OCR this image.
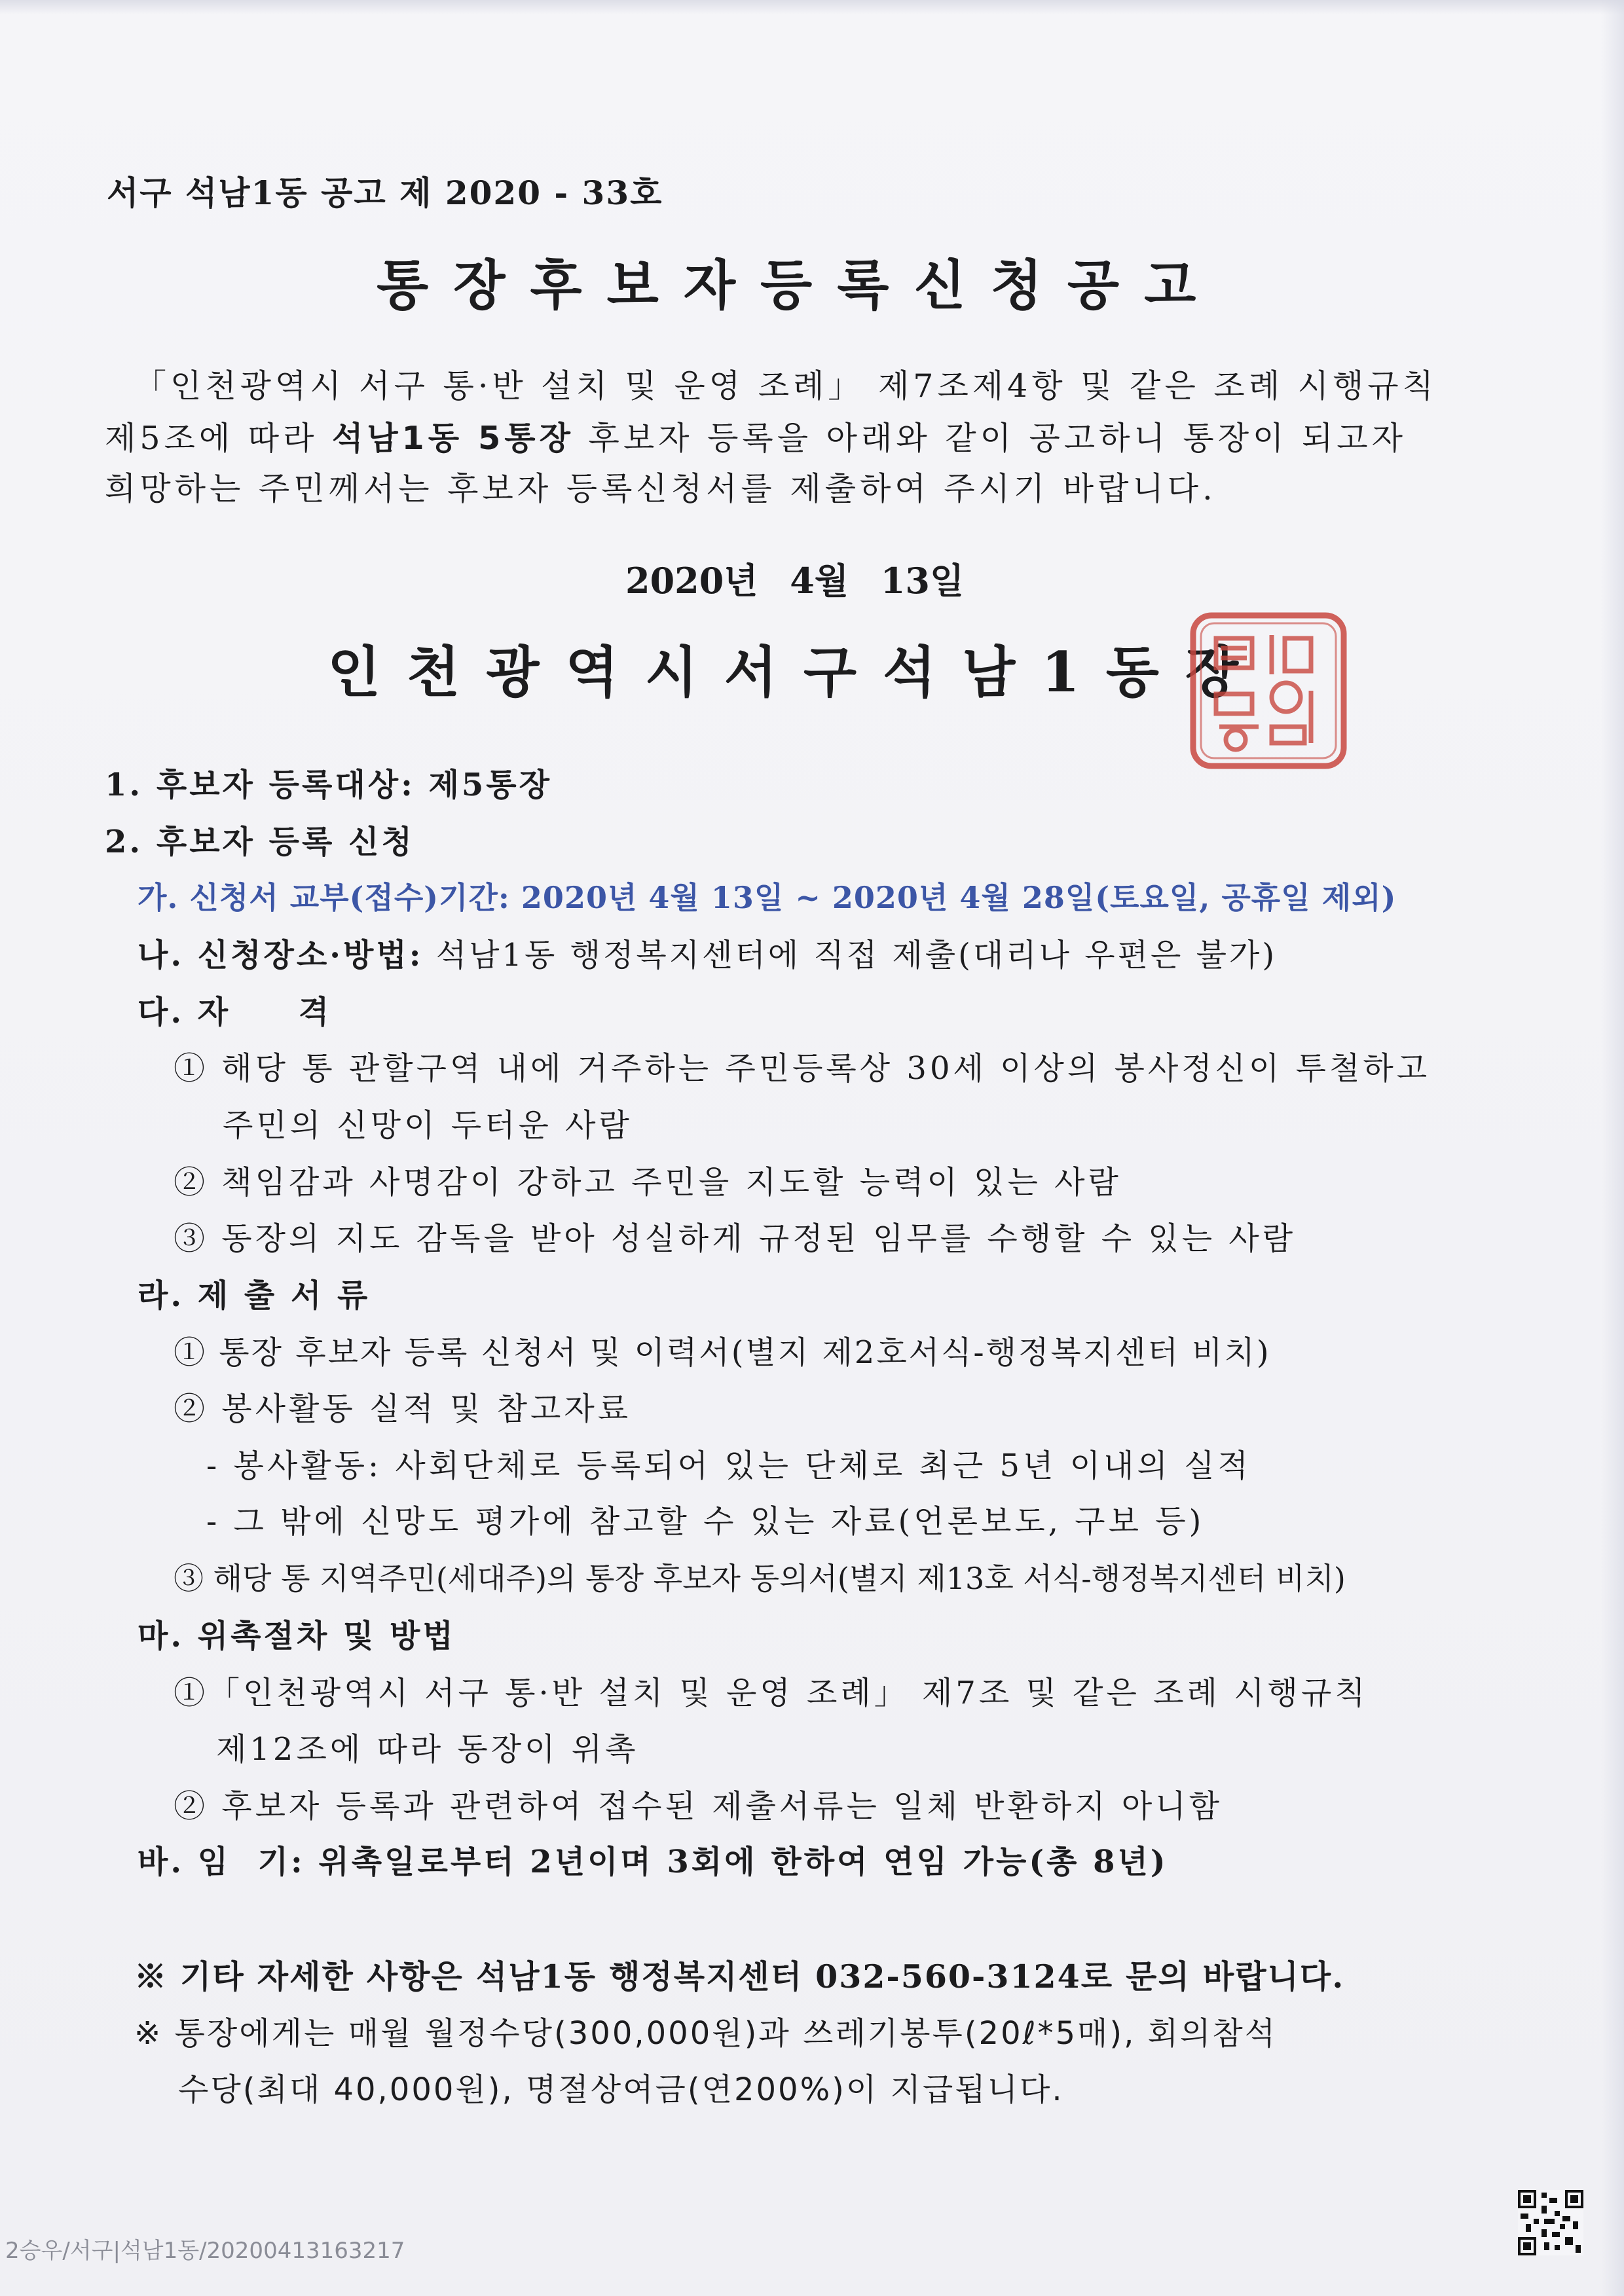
서구 석남1동 공고 제 2020 - 33호
통장후보자등록신청공고
「인천광역시 서구 통·반 설치 및 운영 조례」 제7조제4항 및 같은 조례 시행규칙
제5조에 따라 석남1동 5통장 후보자 등록을 아래와 같이 공고하니 통장이 되고자
희망하는 주민께서는 후보자 등록신청서를 제출하여 주시기 바랍니다.
2020년 4월 13일
인천광역시서구석남1동장
1. 후보자 등록대상: 제5통장
2. 후보자 등록 신청
가. 신청서 교부(접수)기간: 2020년 4월 13일 ~ 2020년 4월 28일(토요일, 공휴일 제외)
나. 신청장소·방법: 석남1동 행정복지센터에 직접 제출(대리나 우편은 불가)
다. 자     격
① 해당 통 관할구역 내에 거주하는 주민등록상 30세 이상의 봉사정신이 투철하고
주민의 신망이 두터운 사람
② 책임감과 사명감이 강하고 주민을 지도할 능력이 있는 사람
③ 동장의 지도 감독을 받아 성실하게 규정된 임무를 수행할 수 있는 사람
라. 제 출 서 류
① 통장 후보자 등록 신청서 및 이력서(별지 제2호서식-행정복지센터 비치)
② 봉사활동 실적 및 참고자료
- 봉사활동: 사회단체로 등록되어 있는 단체로 최근 5년 이내의 실적
- 그 밖에 신망도 평가에 참고할 수 있는 자료(언론보도, 구보 등)
③ 해당 통 지역주민(세대주)의 통장 후보자 동의서(별지 제13호 서식-행정복지센터 비치)
마. 위촉절차 및 방법
①「인천광역시 서구 통·반 설치 및 운영 조례」 제7조 및 같은 조례 시행규칙
제12조에 따라 동장이 위촉
② 후보자 등록과 관련하여 접수된 제출서류는 일체 반환하지 아니함
바. 임  기: 위촉일로부터 2년이며 3회에 한하여 연임 가능(총 8년)
※ 기타 자세한 사항은 석남1동 행정복지센터 032-560-3124로 문의 바랍니다.
※ 통장에게는 매월 월정수당(300,000원)과 쓰레기봉투(20ℓ*5매), 회의참석
수당(최대 40,000원), 명절상여금(연200%)이 지급됩니다.
2승우/서구|석남1동/20200413163217
